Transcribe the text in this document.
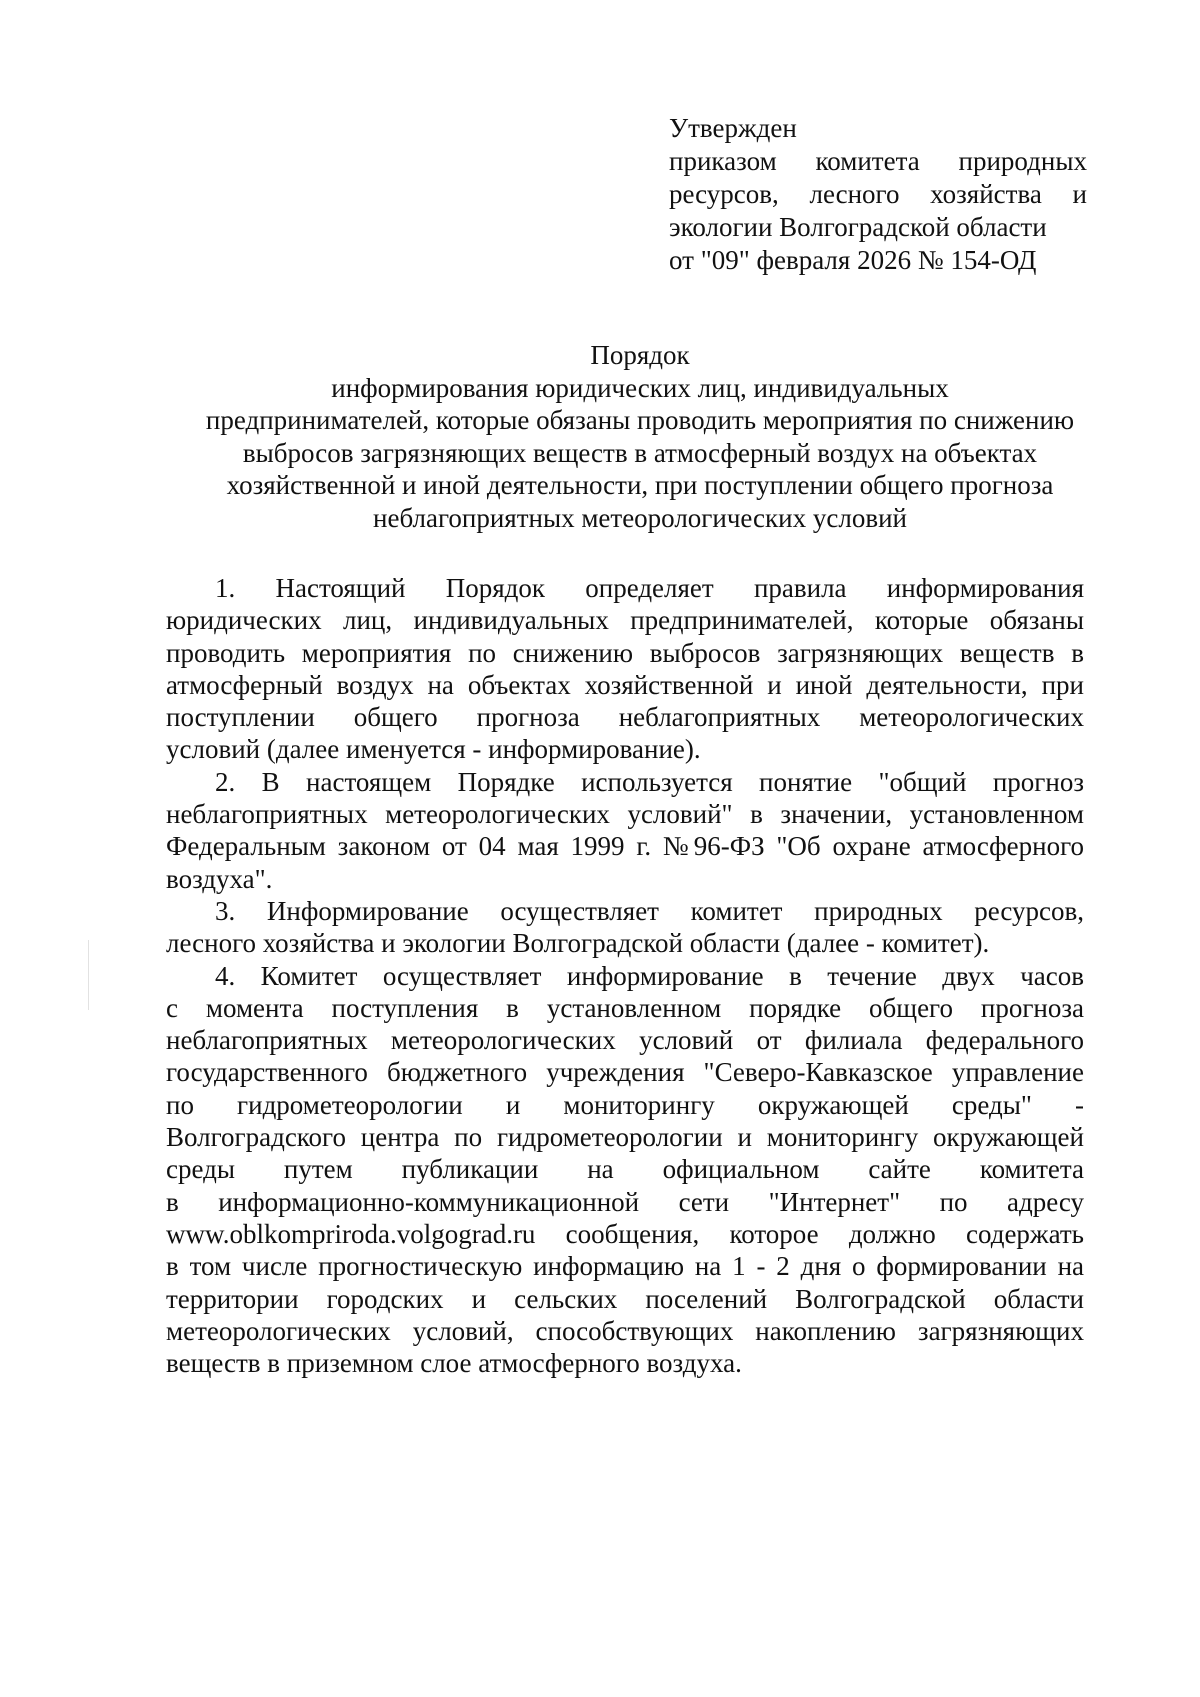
Утвержден
приказом комитета природных
ресурсов, лесного хозяйства и
экологии Волгоградской области
от "09" февраля 2026 № 154-ОД
Порядок
информирования юридических лиц, индивидуальных
предпринимателей, которые обязаны проводить мероприятия по снижению
выбросов загрязняющих веществ в атмосферный воздух на объектах
хозяйственной и иной деятельности, при поступлении общего прогноза
неблагоприятных метеорологических условий
1. Настоящий Порядок определяет правила информирования
юридических лиц, индивидуальных предпринимателей, которые обязаны
проводить мероприятия по снижению выбросов загрязняющих веществ в
атмосферный воздух на объектах хозяйственной и иной деятельности, при
поступлении общего прогноза неблагоприятных метеорологических
условий (далее именуется - информирование).
2. В настоящем Порядке используется понятие "общий прогноз
неблагоприятных метеорологических условий" в значении, установленном
Федеральным законом от 04 мая 1999 г. №96-ФЗ "Об охране атмосферного
воздуха".
3. Информирование осуществляет комитет природных ресурсов,
лесного хозяйства и экологии Волгоградской области (далее - комитет).
4. Комитет осуществляет информирование в течение двух часов
с момента поступления в установленном порядке общего прогноза
неблагоприятных метеорологических условий от филиала федерального
государственного бюджетного учреждения "Северо-Кавказское управление
по гидрометеорологии и мониторингу окружающей среды" -
Волгоградского центра по гидрометеорологии и мониторингу окружающей
среды путем публикации на официальном сайте комитета
в информационно-коммуникационной сети "Интернет" по адресу
www.oblkompriroda.volgograd.ru сообщения, которое должно содержать
в том числе прогностическую информацию на 1 - 2 дня о формировании на
территории городских и сельских поселений Волгоградской области
метеорологических условий, способствующих накоплению загрязняющих
веществ в приземном слое атмосферного воздуха.
